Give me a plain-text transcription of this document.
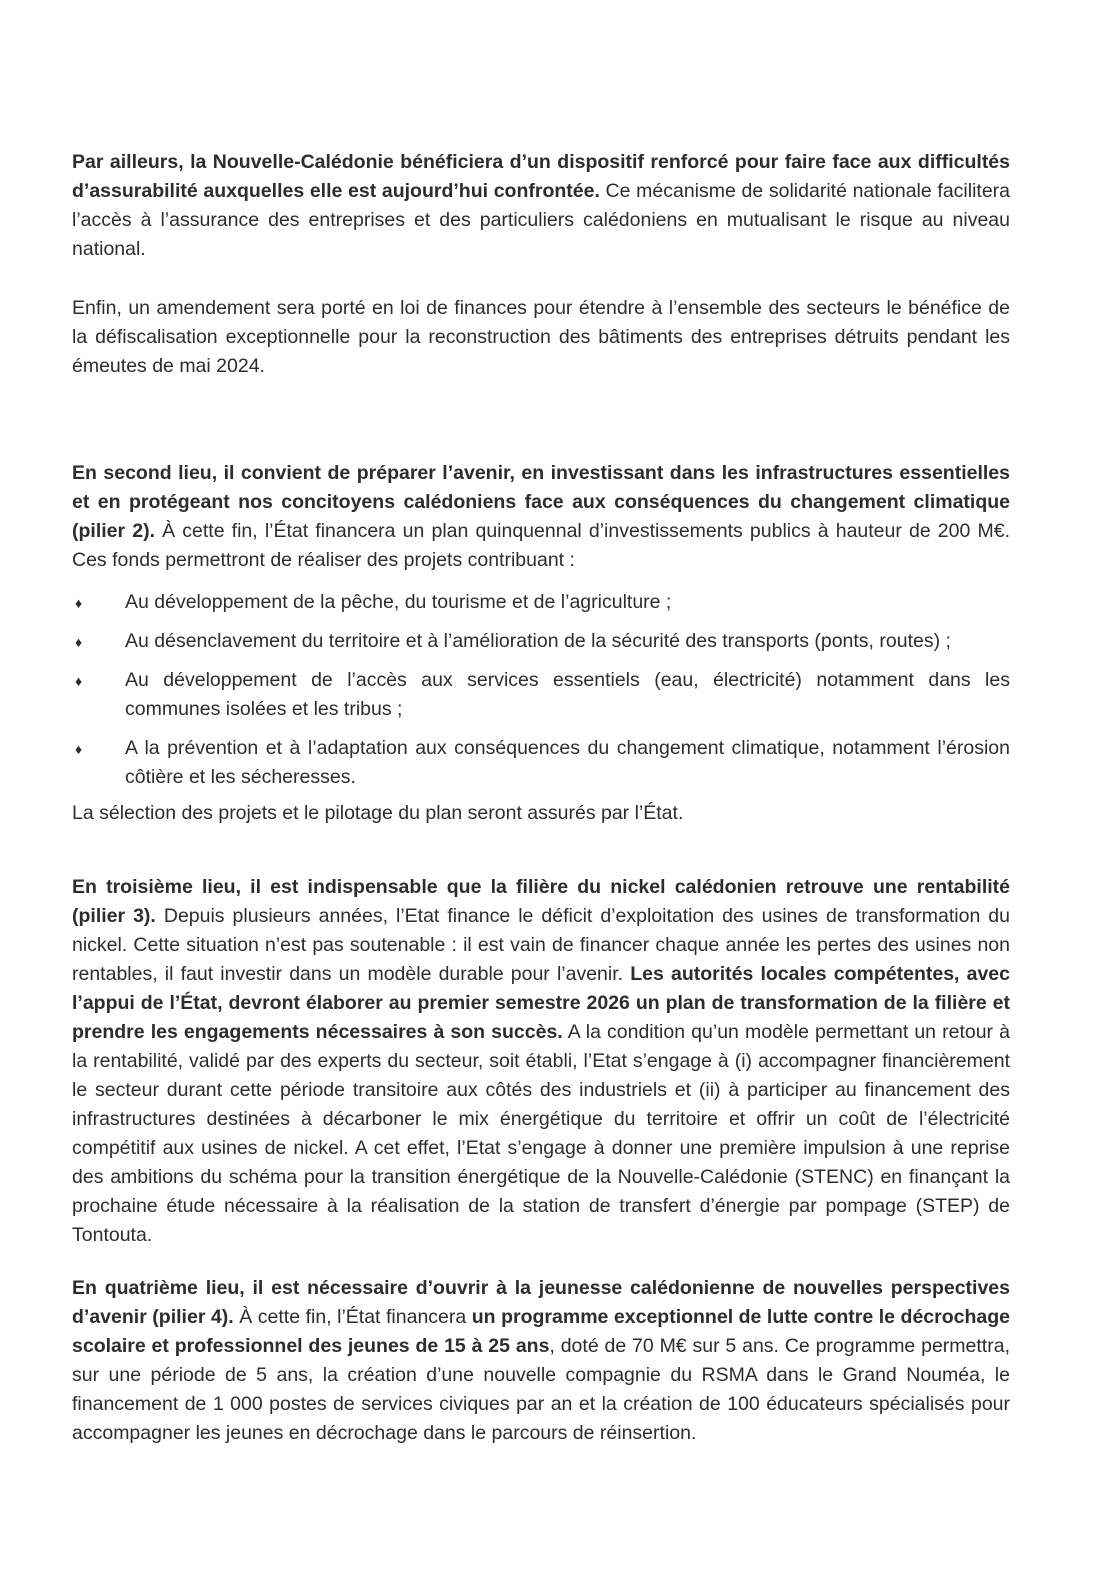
Par ailleurs, la Nouvelle-Calédonie bénéficiera d’un dispositif renforcé pour faire face aux difficultés d’assurabilité auxquelles elle est aujourd’hui confrontée. Ce mécanisme de solidarité nationale facilitera l’accès à l’assurance des entreprises et des particuliers calédoniens en mutualisant le risque au niveau national.

Enfin, un amendement sera porté en loi de finances pour étendre à l’ensemble des secteurs le bénéfice de la défiscalisation exceptionnelle pour la reconstruction des bâtiments des entreprises détruits pendant les émeutes de mai 2024.

En second lieu, il convient de préparer l’avenir, en investissant dans les infrastructures essentielles et en protégeant nos concitoyens calédoniens face aux conséquences du changement climatique (pilier 2). À cette fin, l’État financera un plan quinquennal d’investissements publics à hauteur de 200 M€. Ces fonds permettront de réaliser des projets contribuant :

♦ Au développement de la pêche, du tourisme et de l’agriculture ;
♦ Au désenclavement du territoire et à l’amélioration de la sécurité des transports (ponts, routes) ;
♦ Au développement de l’accès aux services essentiels (eau, électricité) notamment dans les communes isolées et les tribus ;
♦ A la prévention et à l’adaptation aux conséquences du changement climatique, notamment l’érosion côtière et les sécheresses.

La sélection des projets et le pilotage du plan seront assurés par l’État.

En troisième lieu, il est indispensable que la filière du nickel calédonien retrouve une rentabilité (pilier 3). Depuis plusieurs années, l’Etat finance le déficit d’exploitation des usines de transformation du nickel. Cette situation n’est pas soutenable : il est vain de financer chaque année les pertes des usines non rentables, il faut investir dans un modèle durable pour l’avenir. Les autorités locales compétentes, avec l’appui de l’État, devront élaborer au premier semestre 2026 un plan de transformation de la filière et prendre les engagements nécessaires à son succès. A la condition qu’un modèle permettant un retour à la rentabilité, validé par des experts du secteur, soit établi, l’Etat s’engage à (i) accompagner financièrement le secteur durant cette période transitoire aux côtés des industriels et (ii) à participer au financement des infrastructures destinées à décarboner le mix énergétique du territoire et offrir un coût de l’électricité compétitif aux usines de nickel. A cet effet, l’Etat s’engage à donner une première impulsion à une reprise des ambitions du schéma pour la transition énergétique de la Nouvelle-Calédonie (STENC) en finançant la prochaine étude nécessaire à la réalisation de la station de transfert d’énergie par pompage (STEP) de Tontouta.

En quatrième lieu, il est nécessaire d’ouvrir à la jeunesse calédonienne de nouvelles perspectives d’avenir (pilier 4). À cette fin, l’État financera un programme exceptionnel de lutte contre le décrochage scolaire et professionnel des jeunes de 15 à 25 ans, doté de 70 M€ sur 5 ans. Ce programme permettra, sur une période de 5 ans, la création d’une nouvelle compagnie du RSMA dans le Grand Nouméa, le financement de 1 000 postes de services civiques par an et la création de 100 éducateurs spécialisés pour accompagner les jeunes en décrochage dans le parcours de réinsertion.
